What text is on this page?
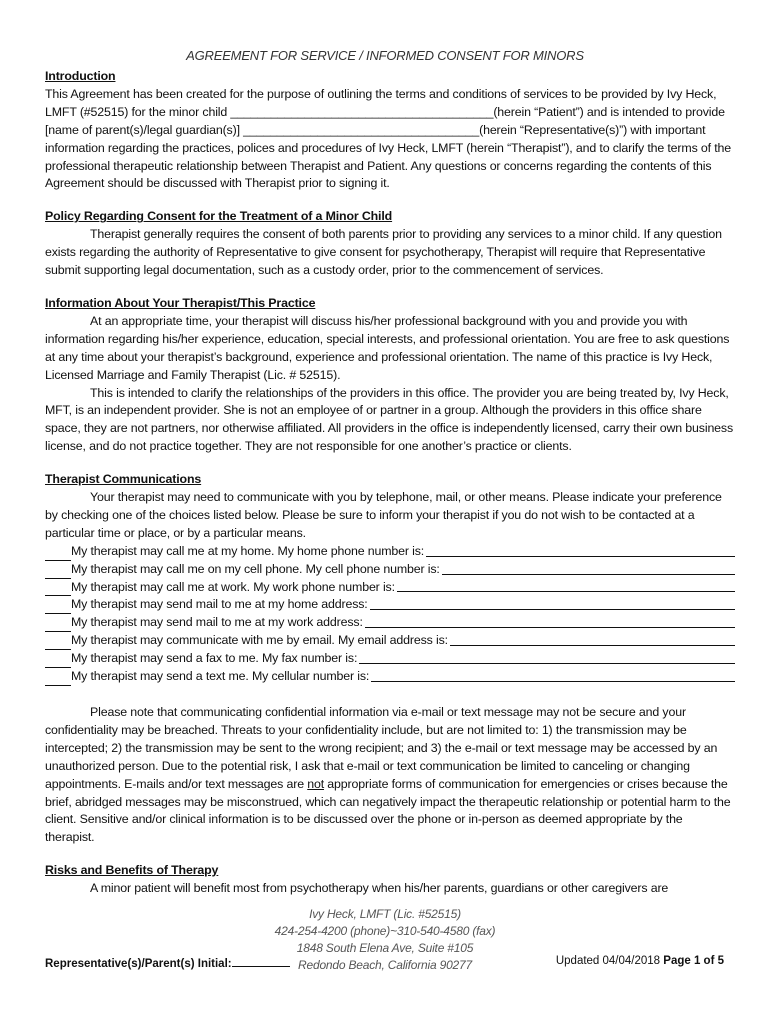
AGREEMENT FOR SERVICE / INFORMED CONSENT FOR MINORS

Introduction

This Agreement has been created for the purpose of outlining the terms and conditions of services to be provided by Ivy Heck, LMFT (#52515) for the minor child _______________________________________(herein “Patient”) and is intended to provide [name of parent(s)/legal guardian(s)] ___________________________________(herein “Representative(s)”) with important information regarding the practices, polices and procedures of Ivy Heck, LMFT (herein “Therapist”), and to clarify the terms of the professional therapeutic relationship between Therapist and Patient. Any questions or concerns regarding the contents of this Agreement should be discussed with Therapist prior to signing it.

Policy Regarding Consent for the Treatment of a Minor Child

Therapist generally requires the consent of both parents prior to providing any services to a minor child. If any question exists regarding the authority of Representative to give consent for psychotherapy, Therapist will require that Representative submit supporting legal documentation, such as a custody order, prior to the commencement of services.

Information About Your Therapist/This Practice

At an appropriate time, your therapist will discuss his/her professional background with you and provide you with information regarding his/her experience, education, special interests, and professional orientation. You are free to ask questions at any time about your therapist’s background, experience and professional orientation. The name of this practice is Ivy Heck, Licensed Marriage and Family Therapist (Lic. # 52515).

This is intended to clarify the relationships of the providers in this office. The provider you are being treated by, Ivy Heck, MFT, is an independent provider. She is not an employee of or partner in a group. Although the providers in this office share space, they are not partners, nor otherwise affiliated. All providers in the office is independently licensed, carry their own business license, and do not practice together. They are not responsible for one another’s practice or clients.

Therapist Communications

Your therapist may need to communicate with you by telephone, mail, or other means. Please indicate your preference by checking one of the choices listed below. Please be sure to inform your therapist if you do not wish to be contacted at a particular time or place, or by a particular means.

My therapist may call me at my home. My home phone number is:
My therapist may call me on my cell phone. My cell phone number is:
My therapist may call me at work. My work phone number is:
My therapist may send mail to me at my home address:
My therapist may send mail to me at my work address:
My therapist may communicate with me by email. My email address is:
My therapist may send a fax to me. My fax number is:
My therapist may send a text me. My cellular number is:

Please note that communicating confidential information via e-mail or text message may not be secure and your confidentiality may be breached. Threats to your confidentiality include, but are not limited to: 1) the transmission may be intercepted; 2) the transmission may be sent to the wrong recipient; and 3) the e-mail or text message may be accessed by an unauthorized person. Due to the potential risk, I ask that e-mail or text communication be limited to canceling or changing appointments. E-mails and/or text messages are not appropriate forms of communication for emergencies or crises because the brief, abridged messages may be misconstrued, which can negatively impact the therapeutic relationship or potential harm to the client. Sensitive and/or clinical information is to be discussed over the phone or in-person as deemed appropriate by the therapist.

Risks and Benefits of Therapy

A minor patient will benefit most from psychotherapy when his/her parents, guardians or other caregivers are

Ivy Heck, LMFT (Lic. #52515)
424-254-4200 (phone)~310-540-4580 (fax)
1848 South Elena Ave, Suite #105
Redondo Beach, California 90277
Representative(s)/Parent(s) Initial:	Updated 04/04/2018 Page 1 of 5
